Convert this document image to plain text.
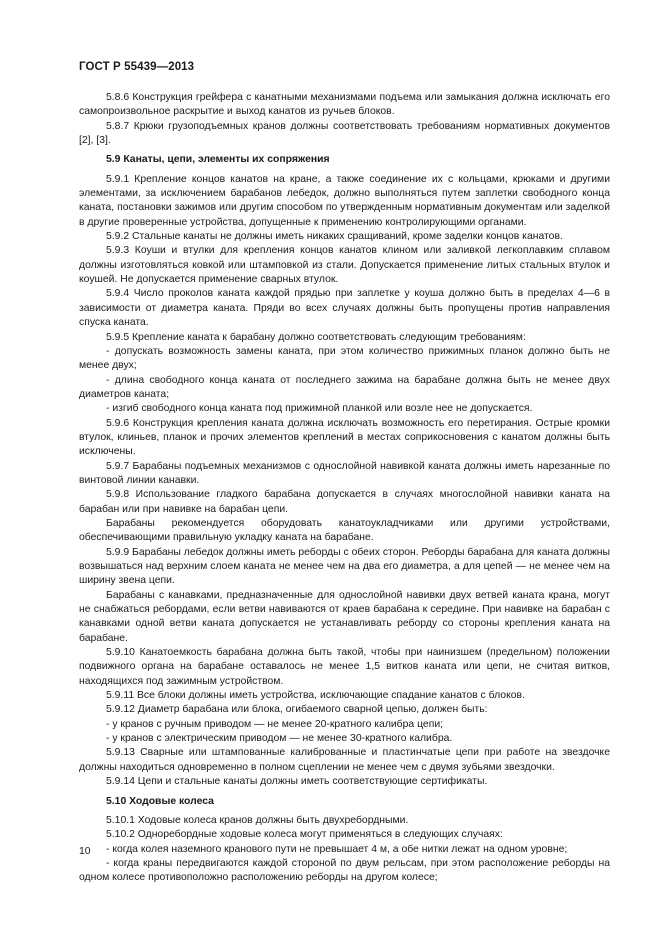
ГОСТ Р 55439—2013

5.8.6 Конструкция грейфера с канатными механизмами подъема или замыкания должна исключать его самопроизвольное раскрытие и выход канатов из ручьев блоков.

5.8.7 Крюки грузоподъемных кранов должны соответствовать требованиям нормативных документов [2], [3].

5.9 Канаты, цепи, элементы их сопряжения

5.9.1 Крепление концов канатов на кране, а также соединение их с кольцами, крюками и другими элементами, за исключением барабанов лебедок, должно выполняться путем заплетки свободного конца каната, постановки зажимов или другим способом по утвержденным нормативным документам или заделкой в другие проверенные устройства, допущенные к применению контролирующими органами.

5.9.2 Стальные канаты не должны иметь никаких сращиваний, кроме заделки концов канатов.

5.9.3 Коуши и втулки для крепления концов канатов клином или заливкой легкоплавким сплавом должны изготовляться ковкой или штамповкой из стали. Допускается применение литых стальных втулок и коушей. Не допускается применение сварных втулок.

5.9.4 Число проколов каната каждой прядью при заплетке у коуша должно быть в пределах 4—6 в зависимости от диаметра каната. Пряди во всех случаях должны быть пропущены против направления спуска каната.

5.9.5 Крепление каната к барабану должно соответствовать следующим требованиям:

- допускать возможность замены каната, при этом количество прижимных планок должно быть не менее двух;

- длина свободного конца каната от последнего зажима на барабане должна быть не менее двух диаметров каната;

- изгиб свободного конца каната под прижимной планкой или возле нее не допускается.

5.9.6 Конструкция крепления каната должна исключать возможность его перетирания. Острые кромки втулок, клиньев, планок и прочих элементов креплений в местах соприкосновения с канатом должны быть исключены.

5.9.7 Барабаны подъемных механизмов с однослойной навивкой каната должны иметь нарезанные по винтовой линии канавки.

5.9.8 Использование гладкого барабана допускается в случаях многослойной навивки каната на барабан или при навивке на барабан цепи.

Барабаны рекомендуется оборудовать канатоукладчиками или другими устройствами, обеспечивающими правильную укладку каната на барабане.

5.9.9 Барабаны лебедок должны иметь реборды с обеих сторон. Реборды барабана для каната должны возвышаться над верхним слоем каната не менее чем на два его диаметра, а для цепей — не менее чем на ширину звена цепи.

Барабаны с канавками, предназначенные для однослойной навивки двух ветвей каната крана, могут не снабжаться ребордами, если ветви навиваются от краев барабана к середине. При навивке на барабан с канавками одной ветви каната допускается не устанавливать реборду со стороны крепления каната на барабане.

5.9.10 Канатоемкость барабана должна быть такой, чтобы при наинизшем (предельном) положении подвижного органа на барабане оставалось не менее 1,5 витков каната или цепи, не считая витков, находящихся под зажимным устройством.

5.9.11 Все блоки должны иметь устройства, исключающие спадание канатов с блоков.

5.9.12 Диаметр барабана или блока, огибаемого сварной цепью, должен быть:

- у кранов с ручным приводом — не менее 20-кратного калибра цепи;

- у кранов с электрическим приводом — не менее 30-кратного калибра.

5.9.13 Сварные или штампованные калиброванные и пластинчатые цепи при работе на звездочке должны находиться одновременно в полном сцеплении не менее чем с двумя зубьями звездочки.

5.9.14 Цепи и стальные канаты должны иметь соответствующие сертификаты.

5.10 Ходовые колеса

5.10.1 Ходовые колеса кранов должны быть двухребордными.

5.10.2 Одноребордные ходовые колеса могут применяться в следующих случаях:

- когда колея наземного кранового пути не превышает 4 м, а обе нитки лежат на одном уровне;

- когда краны передвигаются каждой стороной по двум рельсам, при этом расположение реборды на одном колесе противоположно расположению реборды на другом колесе;

10
